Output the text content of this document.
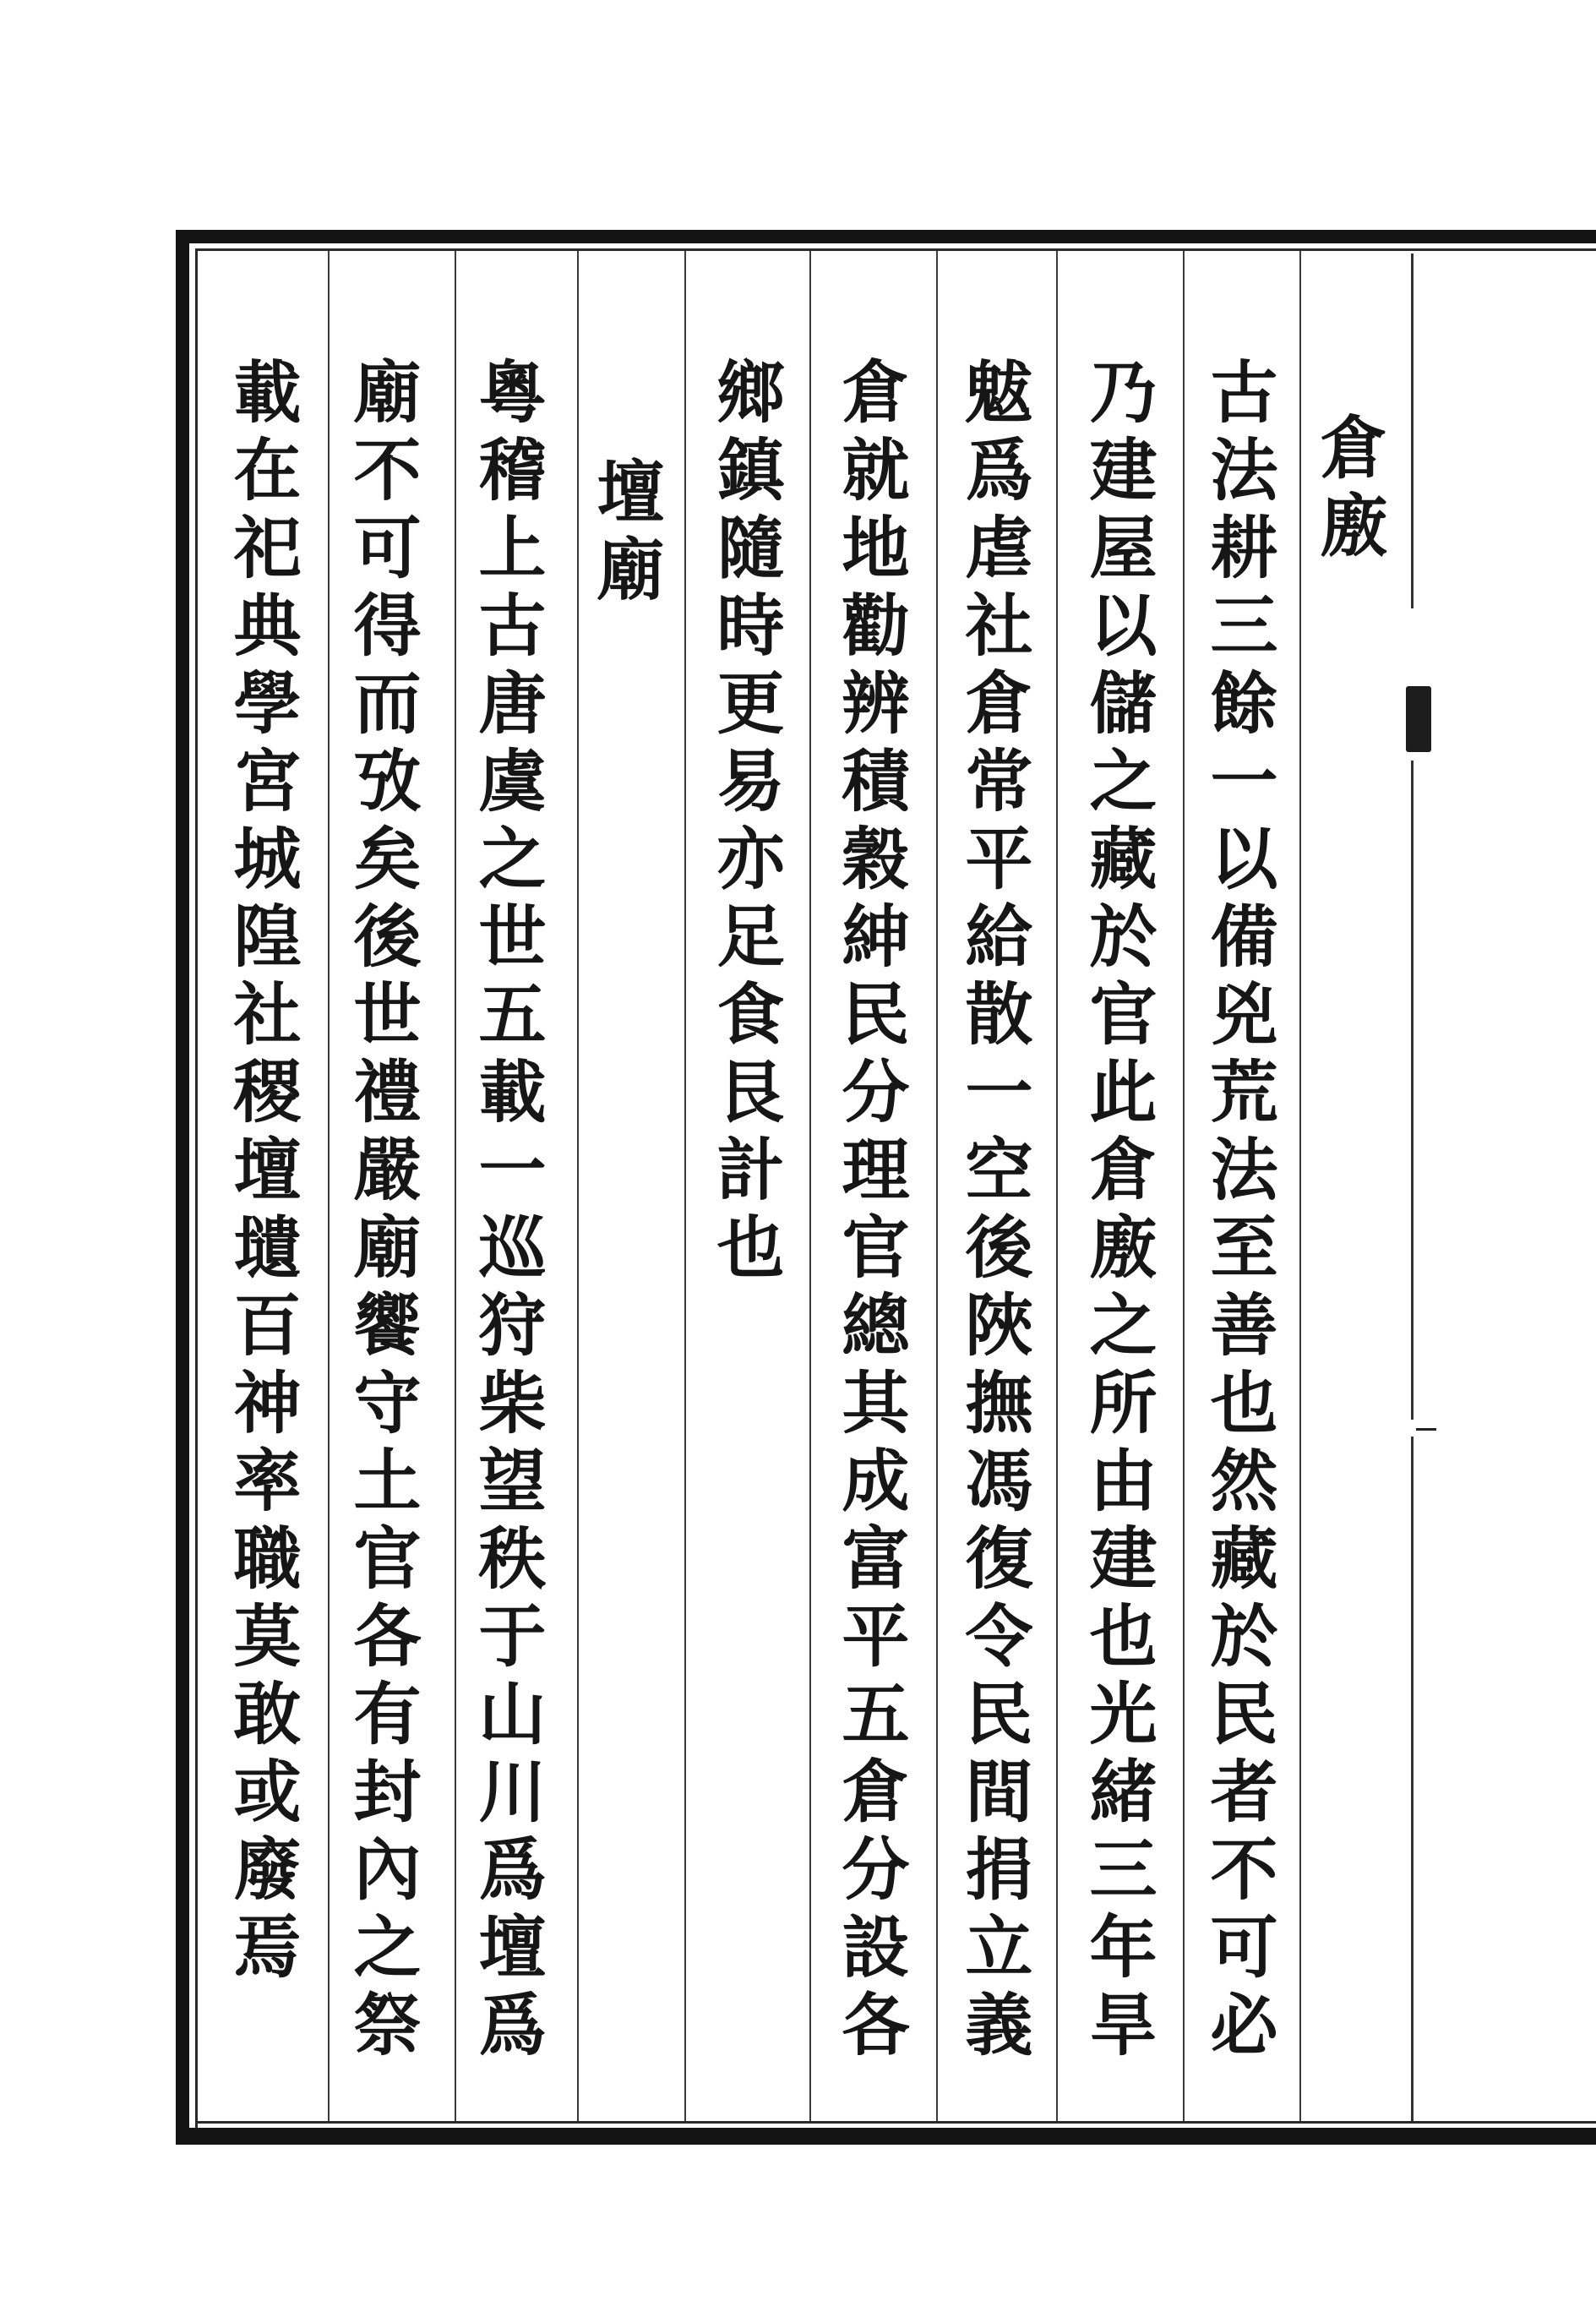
倉廒
古法耕三餘一以備兇荒法至善也然藏於民者不可必
乃建屋以儲之藏於官此倉廒之所由建也光緒三年旱
魃爲虐社倉常平給散一空後陜撫馮復令民間捐立義
倉就地勸辨積穀紳民分理官總其成富平五倉分設各
鄉鎮隨時更易亦足食艮計也
壇廟
粵稽上古唐虞之世五載一巡狩柴望秩于山川爲壇爲
廟不可得而攷矣後世禮嚴廟饗守土官各有封內之祭
載在祀典學宮城隍社稷壇壝百神率職莫敢或廢焉
